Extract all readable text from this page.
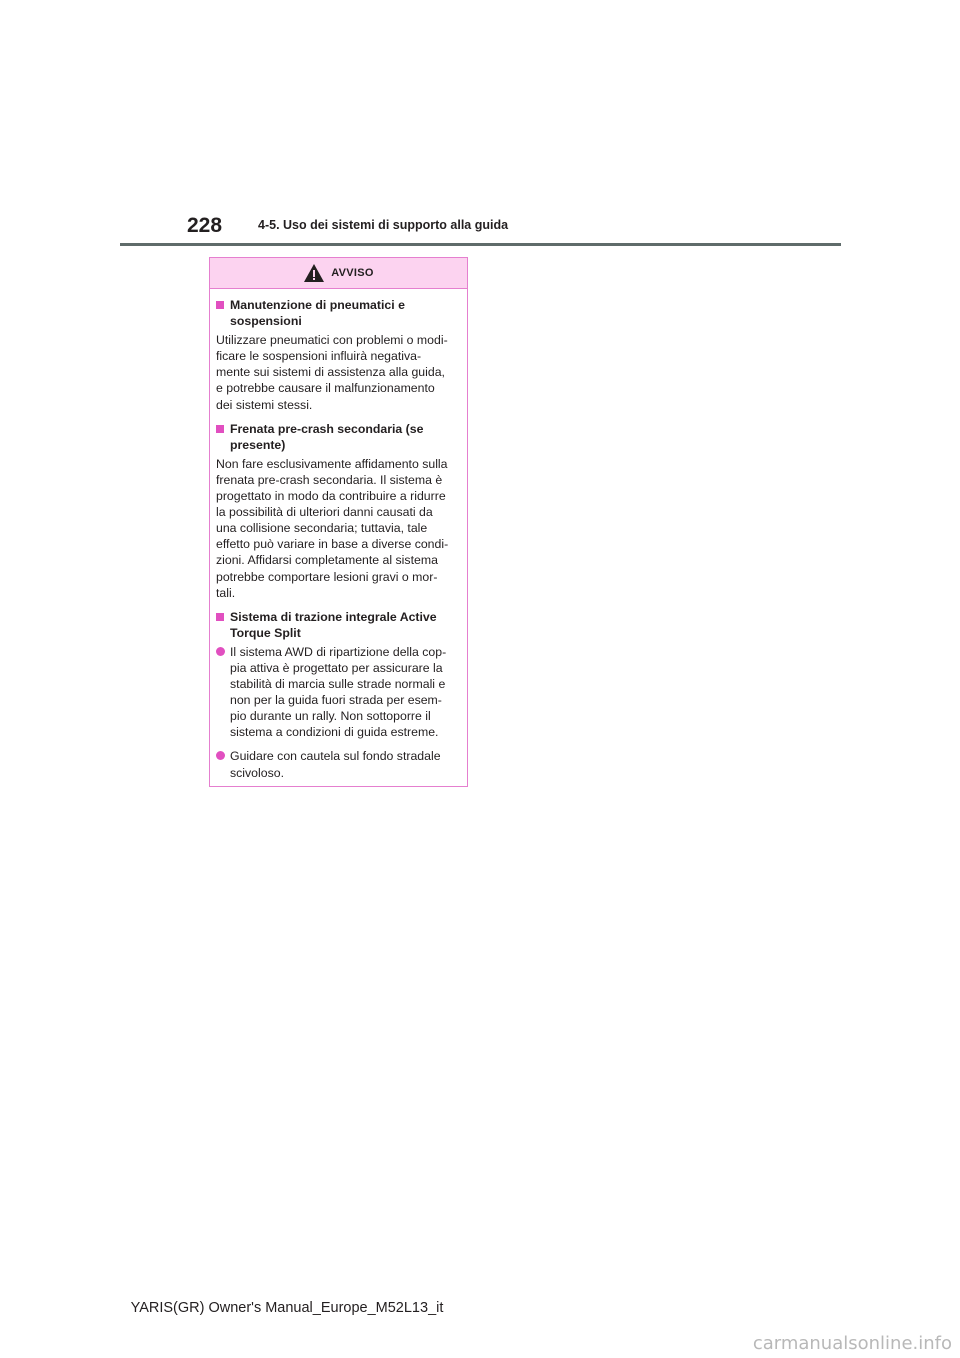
228	4-5. Uso dei sistemi di supporto alla guida
AVVISO
Manutenzione di pneumatici e
sospensioni
Utilizzare pneumatici con problemi o modi-
ficare le sospensioni influirà negativa-
mente sui sistemi di assistenza alla guida,
e potrebbe causare il malfunzionamento
dei sistemi stessi.
Frenata pre-crash secondaria (se
presente)
Non fare esclusivamente affidamento sulla
frenata pre-crash secondaria. Il sistema è
progettato in modo da contribuire a ridurre
la possibilità di ulteriori danni causati da
una collisione secondaria; tuttavia, tale
effetto può variare in base a diverse condi-
zioni. Affidarsi completamente al sistema
potrebbe comportare lesioni gravi o mor-
tali.
Sistema di trazione integrale Active
Torque Split
Il sistema AWD di ripartizione della cop-
pia attiva è progettato per assicurare la
stabilità di marcia sulle strade normali e
non per la guida fuori strada per esem-
pio durante un rally. Non sottoporre il
sistema a condizioni di guida estreme.
Guidare con cautela sul fondo stradale
scivoloso.
YARIS(GR) Owner's Manual_Europe_M52L13_it
carmanualsonline.info
